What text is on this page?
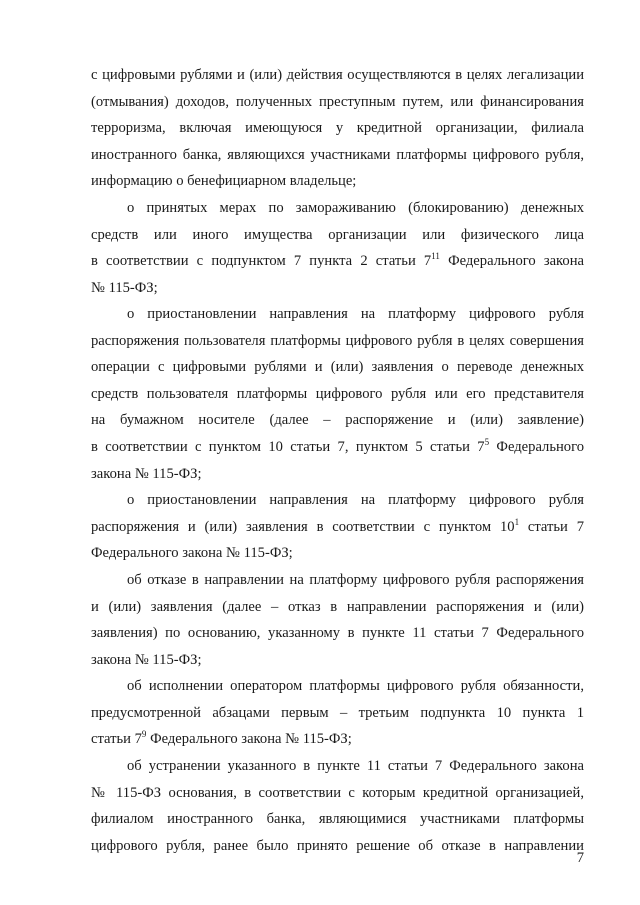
с цифровыми рублями и (или) действия осуществляются в целях легализации
(отмывания) доходов, полученных преступным путем, или финансирования
терроризма, включая имеющуюся у кредитной организации, филиала
иностранного банка, являющихся участниками платформы цифрового рубля,
информацию о бенефициарном владельце;
о принятых мерах по замораживанию (блокированию) денежных
средств или иного имущества организации или физического лица
в соответствии с подпунктом 7 пункта 2 статьи $7^{11}$ Федерального закона
№ 115-ФЗ;
о приостановлении направления на платформу цифрового рубля
распоряжения пользователя платформы цифрового рубля в целях совершения
операции с цифровыми рублями и (или) заявления о переводе денежных
средств пользователя платформы цифрового рубля или его представителя
на бумажном носителе (далее – распоряжение и (или) заявление)
в соответствии с пунктом 10 статьи 7, пунктом 5 статьи $7^5$ Федерального
закона № 115-ФЗ;
о приостановлении направления на платформу цифрового рубля
распоряжения и (или) заявления в соответствии с пунктом $10^1$ статьи 7
Федерального закона № 115-ФЗ;
об отказе в направлении на платформу цифрового рубля распоряжения
и (или) заявления (далее – отказ в направлении распоряжения и (или)
заявления) по основанию, указанному в пункте 11 статьи 7 Федерального
закона № 115-ФЗ;
об исполнении оператором платформы цифрового рубля обязанности,
предусмотренной абзацами первым – третьим подпункта 10 пункта 1
статьи $7^9$ Федерального закона № 115-ФЗ;
об устранении указанного в пункте 11 статьи 7 Федерального закона
№ 115-ФЗ основания, в соответствии с которым кредитной организацией,
филиалом иностранного банка, являющимися участниками платформы
цифрового рубля, ранее было принято решение об отказе в направлении
7
